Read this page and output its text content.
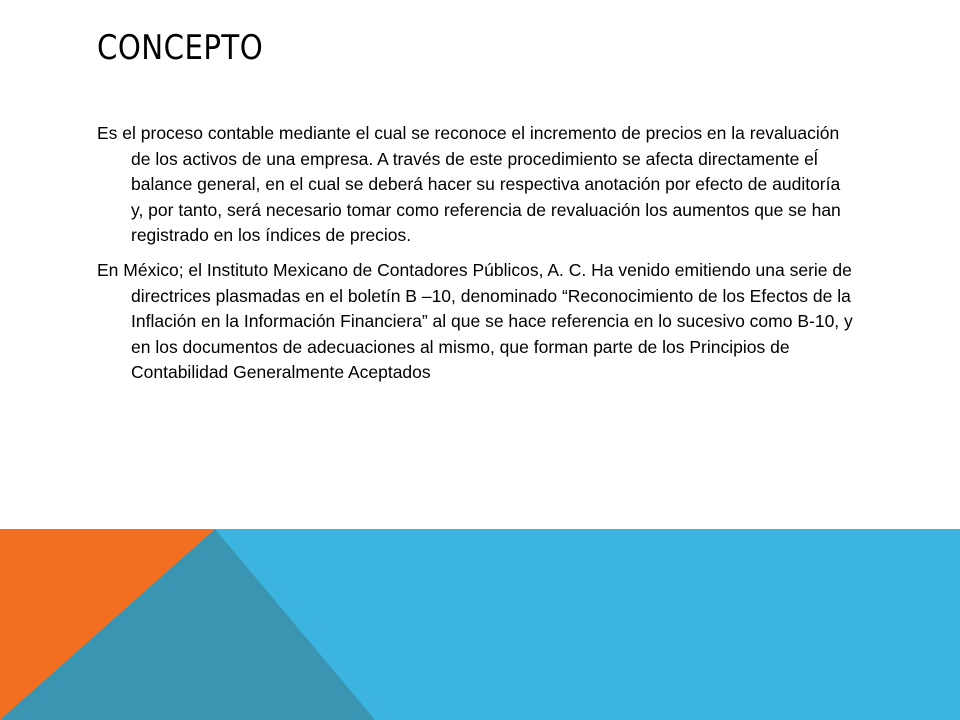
CONCEPTO

Es el proceso contable mediante el cual se reconoce el incremento de precios en la revaluación de los activos de una empresa. A través de este procedimiento se afecta directamente eĺ balance general, en el cual se deberá hacer su respectiva anotación por efecto de auditoría y, por tanto, será necesario tomar como referencia de revaluación los aumentos que se han registrado en los índices de precios.

En México; el Instituto Mexicano de Contadores Públicos, A. C. Ha venido emitiendo una serie de directrices plasmadas en el boletín B –10, denominado “Reconocimiento de los Efectos de la Inflación en la Información Financiera” al que se hace referencia en lo sucesivo como B-10, y en los documentos de adecuaciones al mismo, que forman parte de los Principios de Contabilidad Generalmente Aceptados
